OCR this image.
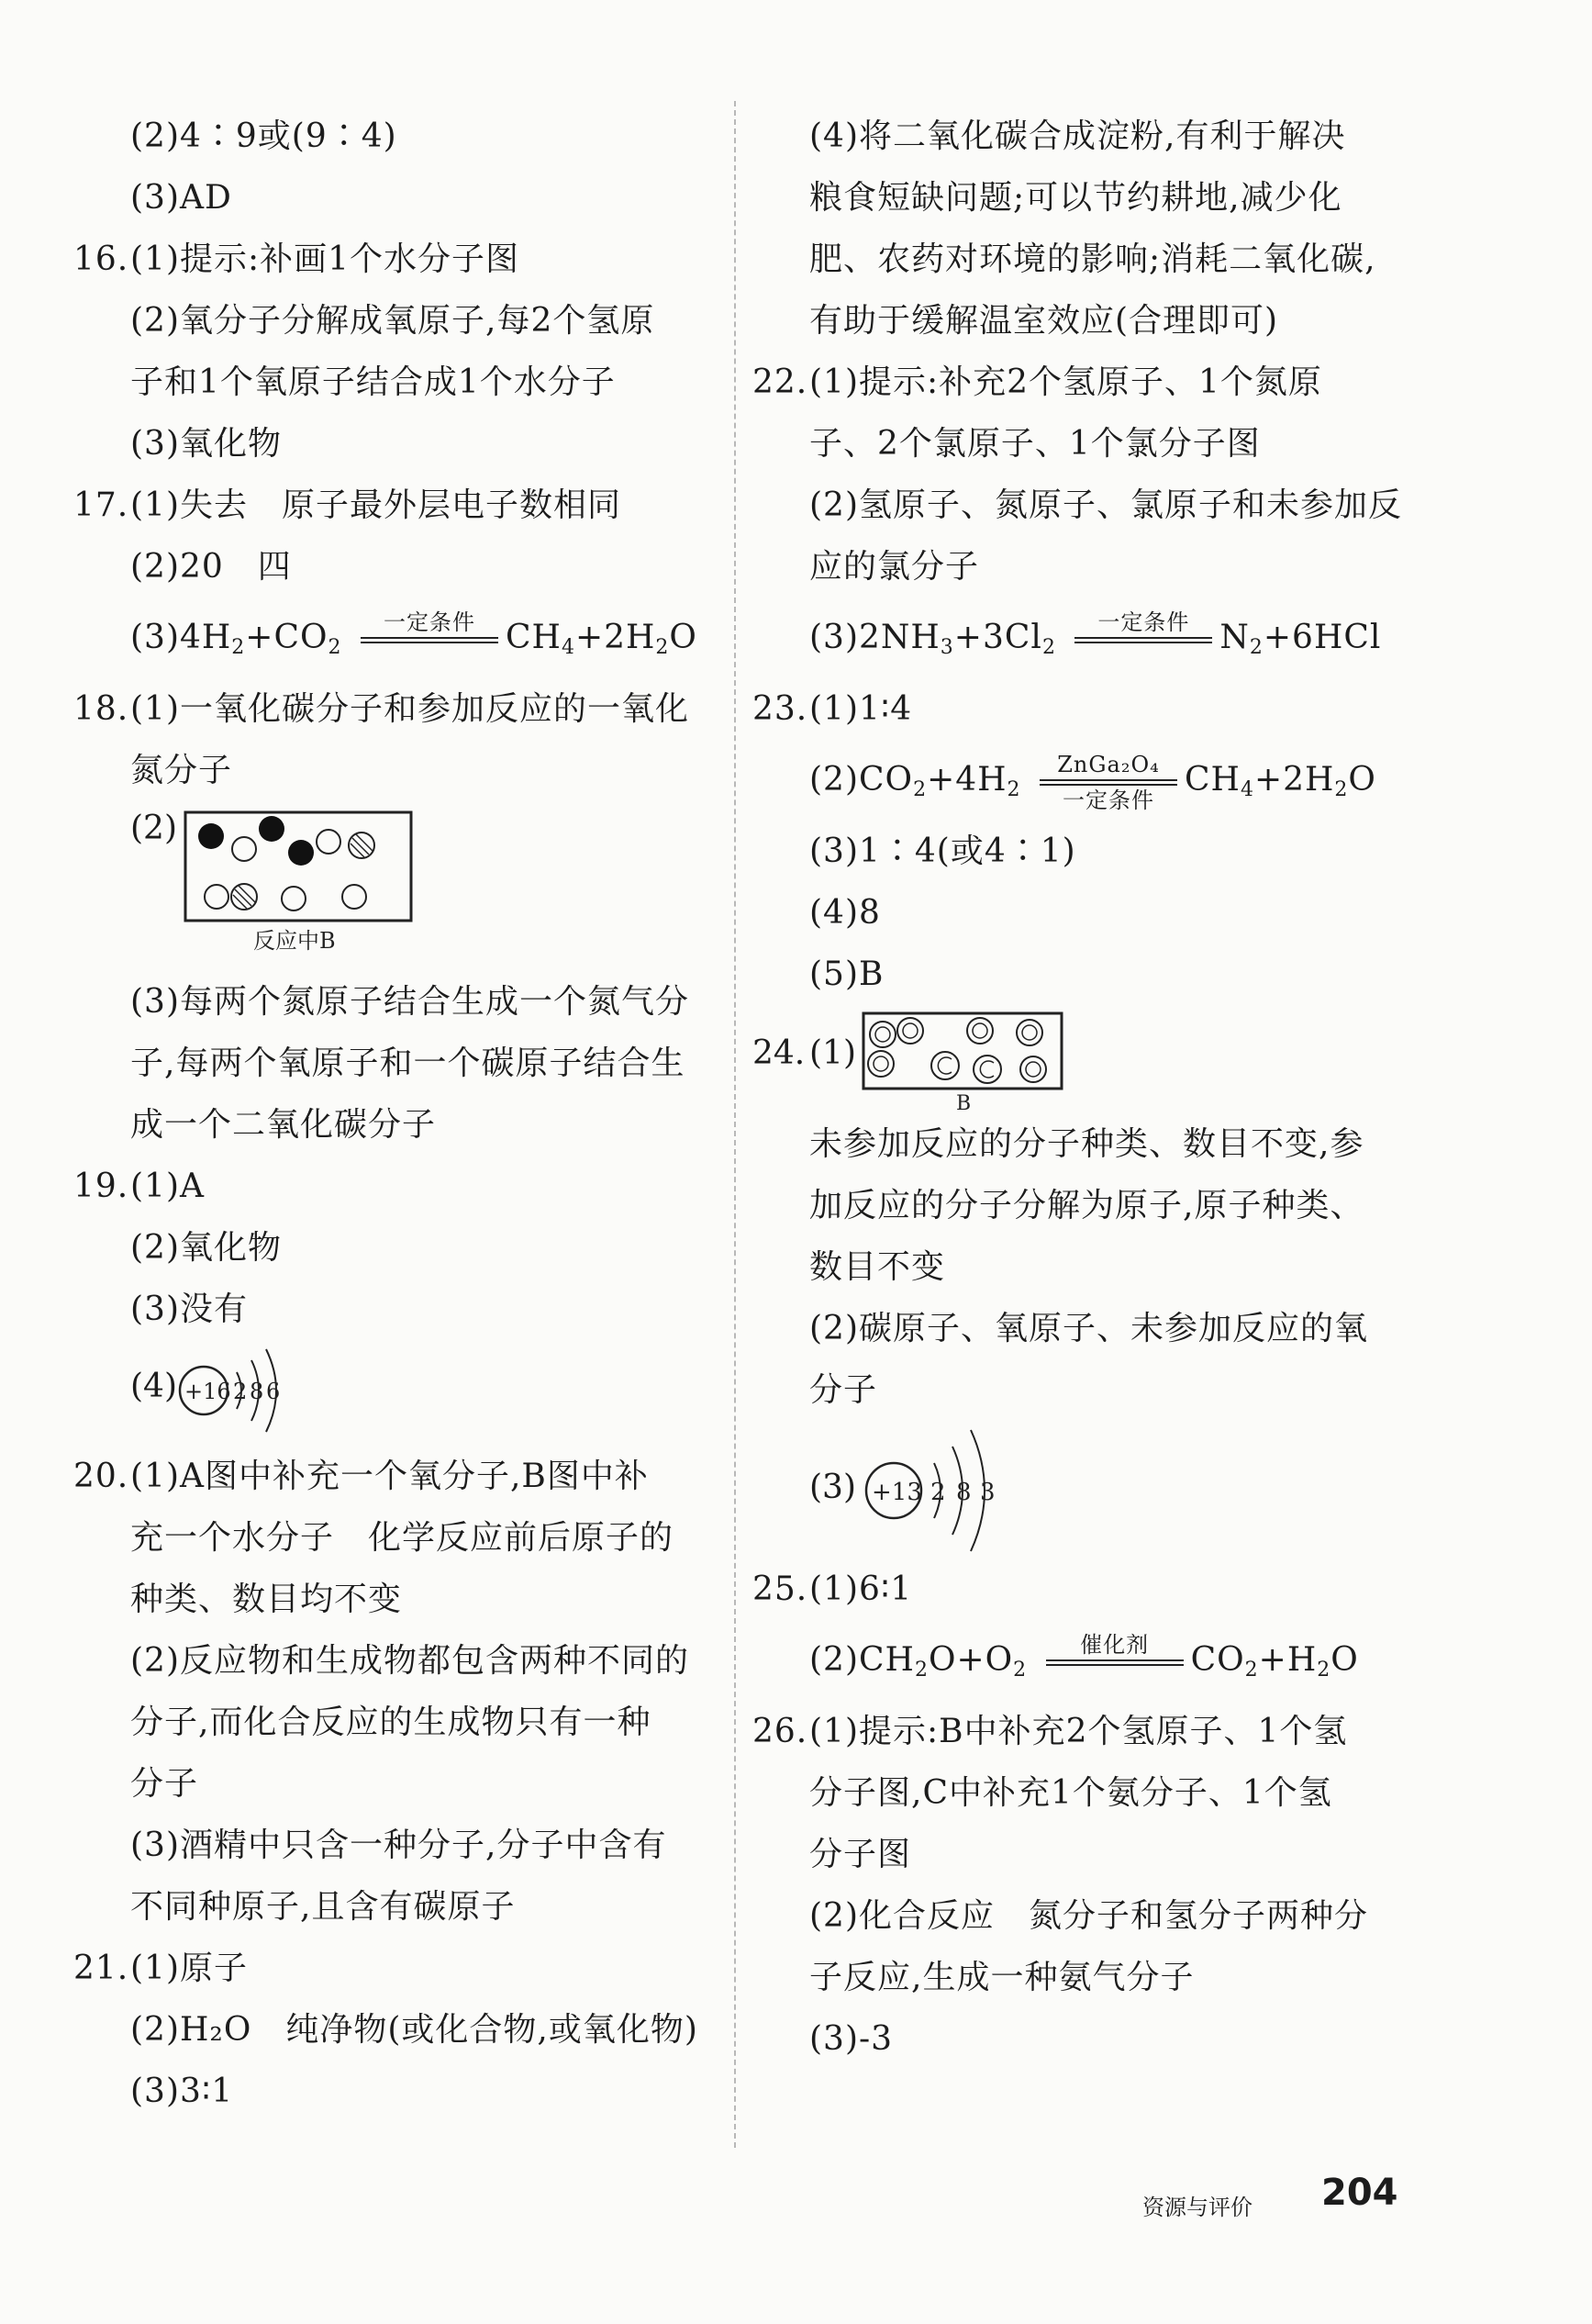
(2)4∶9或(9∶4)
(3)AD
16.(1)提示:补画1个水分子图
(2)氧分子分解成氧原子,每2个氢原
子和1个氧原子结合成1个水分子
(3)氧化物
17.(1)失去　原子最外层电子数相同
(2)20　四
$(3)4H_2+CO_2$
一定条件
$CH_4+2H_2O$
18.(1)一氧化碳分子和参加反应的一氧化
氮分子
(2)
反应中B
(3)每两个氮原子结合生成一个氮气分
子,每两个氧原子和一个碳原子结合生
成一个二氧化碳分子
19.(1)A
(2)氧化物
(3)没有
(4) +16 2 8 6
20.(1)A图中补充一个氧分子,B图中补
充一个水分子　化学反应前后原子的
种类、数目均不变
(2)反应物和生成物都包含两种不同的
分子,而化合反应的生成物只有一种
分子
(3)酒精中只含一种分子,分子中含有
不同种原子,且含有碳原子
21.(1)原子
(2)H₂O　纯净物(或化合物,或氧化物)
(3)3∶1
(4)将二氧化碳合成淀粉,有利于解决
粮食短缺问题;可以节约耕地,减少化
肥、农药对环境的影响;消耗二氧化碳,
有助于缓解温室效应(合理即可)
22.(1)提示:补充2个氢原子、1个氮原
子、2个氯原子、1个氯分子图
(2)氢原子、氮原子、氯原子和未参加反
应的氯分子
$(3)2NH_3+3Cl_2$
一定条件
$N_2+6HCl$
23.(1)1∶4
$(2)CO_2+4H_2$
ZnGa₂O₄
一定条件
$CH_4+2H_2O$
(3)1∶4(或4∶1)
(4)8
(5)B
24. (1)
B
未参加反应的分子种类、数目不变,参
加反应的分子分解为原子,原子种类、
数目不变
(2)碳原子、氧原子、未参加反应的氧
分子
(3) +13 2 8 3
25.(1)6∶1
$(2)CH_2O+O_2$
催化剂
$CO_2+H_2O$
26.(1)提示:B中补充2个氢原子、1个氢
分子图,C中补充1个氨分子、1个氢
分子图
(2)化合反应　氮分子和氢分子两种分
子反应,生成一种氨气分子
(3)-3
资源与评价 204
